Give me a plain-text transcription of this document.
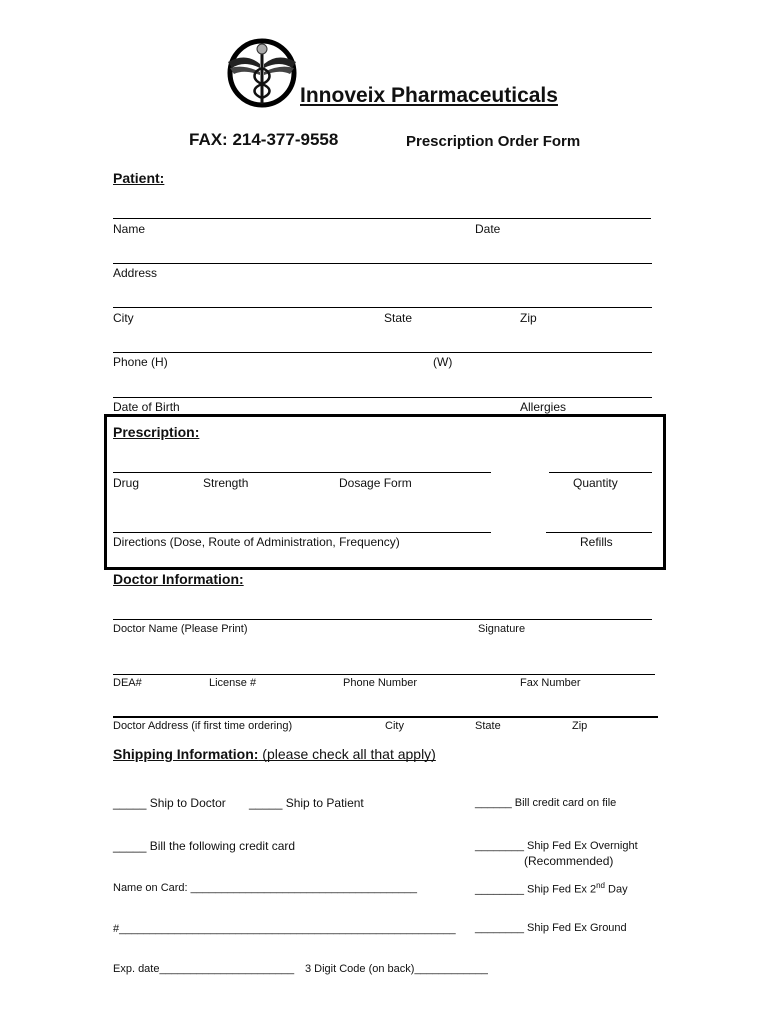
Innoveix Pharmaceuticals
FAX: 214-377-9558	Prescription Order Form
Patient:
Name	Date
Address
City	State	Zip
Phone (H)	(W)
Date of Birth	Allergies
Prescription:
Drug	Strength	Dosage Form	Quantity
Directions (Dose, Route of Administration, Frequency)	Refills
Doctor Information:
Doctor Name (Please Print)	Signature
DEA#	License #	Phone Number	Fax Number
Doctor Address (if first time ordering)	City	State	Zip
Shipping Information: (please check all that apply)
_____ Ship to Doctor _____ Ship to Patient	______ Bill credit card on file
_____ Bill the following credit card	________ Ship Fed Ex Overnight
(Recommended)
Name on Card: _____________________________________	________ Ship Fed Ex 2nd Day
#_______________________________________________________ ________ Ship Fed Ex Ground
Exp. date______________________ 3 Digit Code (on back)____________
